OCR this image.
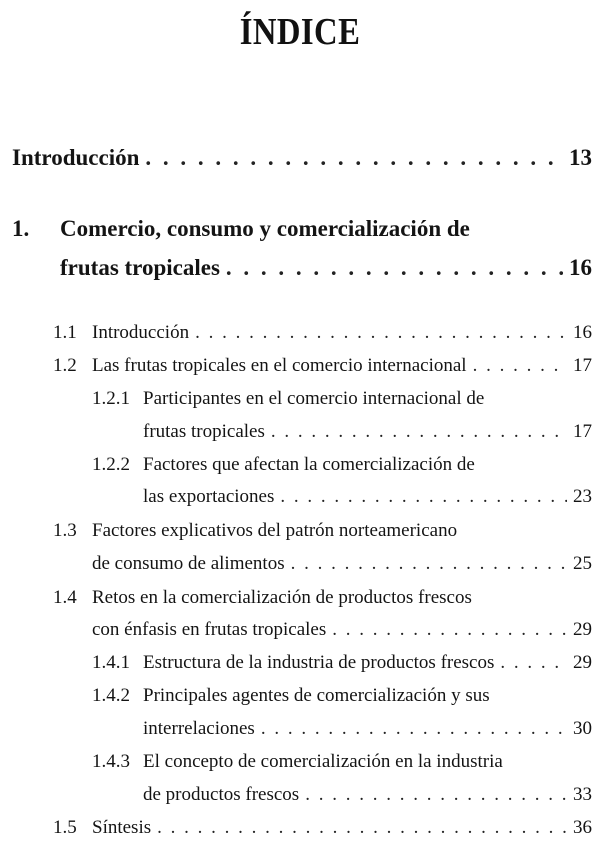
ÍNDICE
Introducción . . .	13
1. Comercio, consumo y comercialización de
frutas tropicales . . .	16
1.1 Introducción . . .	16
1.2 Las frutas tropicales en el comercio internacional . . .	17
1.2.1 Participantes en el comercio internacional de
frutas tropicales . . .	17
1.2.2 Factores que afectan la comercialización de
las exportaciones . . .	23
1.3 Factores explicativos del patrón norteamericano
de consumo de alimentos . . .	25
1.4 Retos en la comercialización de productos frescos
con énfasis en frutas tropicales . . .	29
1.4.1 Estructura de la industria de productos frescos . . .	29
1.4.2 Principales agentes de comercialización y sus
interrelaciones . . .	30
1.4.3 El concepto de comercialización en la industria
de productos frescos . . .	33
1.5 Síntesis . . .	36
